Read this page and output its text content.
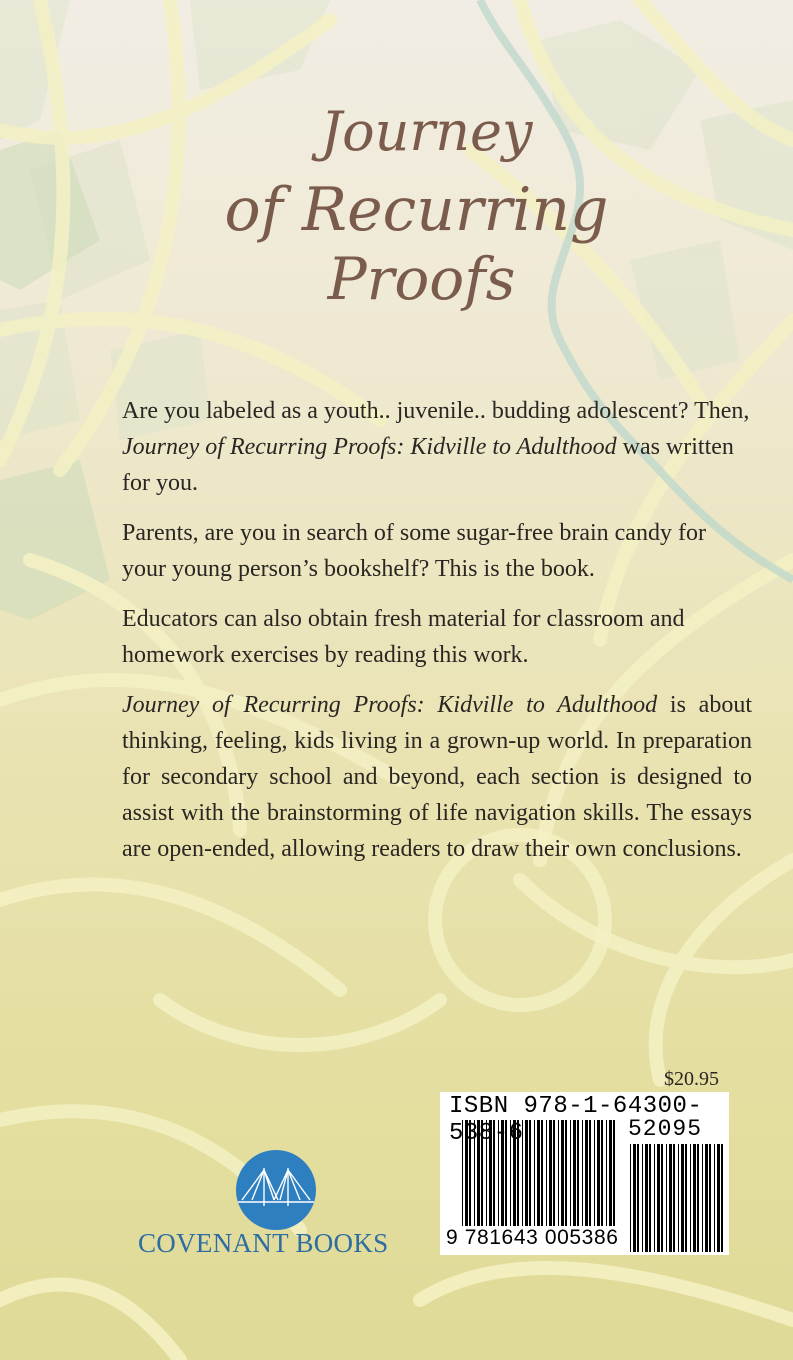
Journey
of Recurring
Proofs

Are you labeled as a youth.. juvenile.. budding adolescent? Then, Journey of Recurring Proofs: Kidville to Adulthood was written for you.

Parents, are you in search of some sugar-free brain candy for your young person’s bookshelf? This is the book.

Educators can also obtain fresh material for classroom and homework exercises by reading this work.

Journey of Recurring Proofs: Kidville to Adulthood is about thinking, feeling, kids living in a grown-up world. In preparation for secondary school and beyond, each section is designed to assist with the brainstorming of life navigation skills. The essays are open-ended, allowing readers to draw their own conclusions.

$20.95
ISBN 978-1-64300-538-6	52095
9 781643 005386
COVENANT BOOKS
